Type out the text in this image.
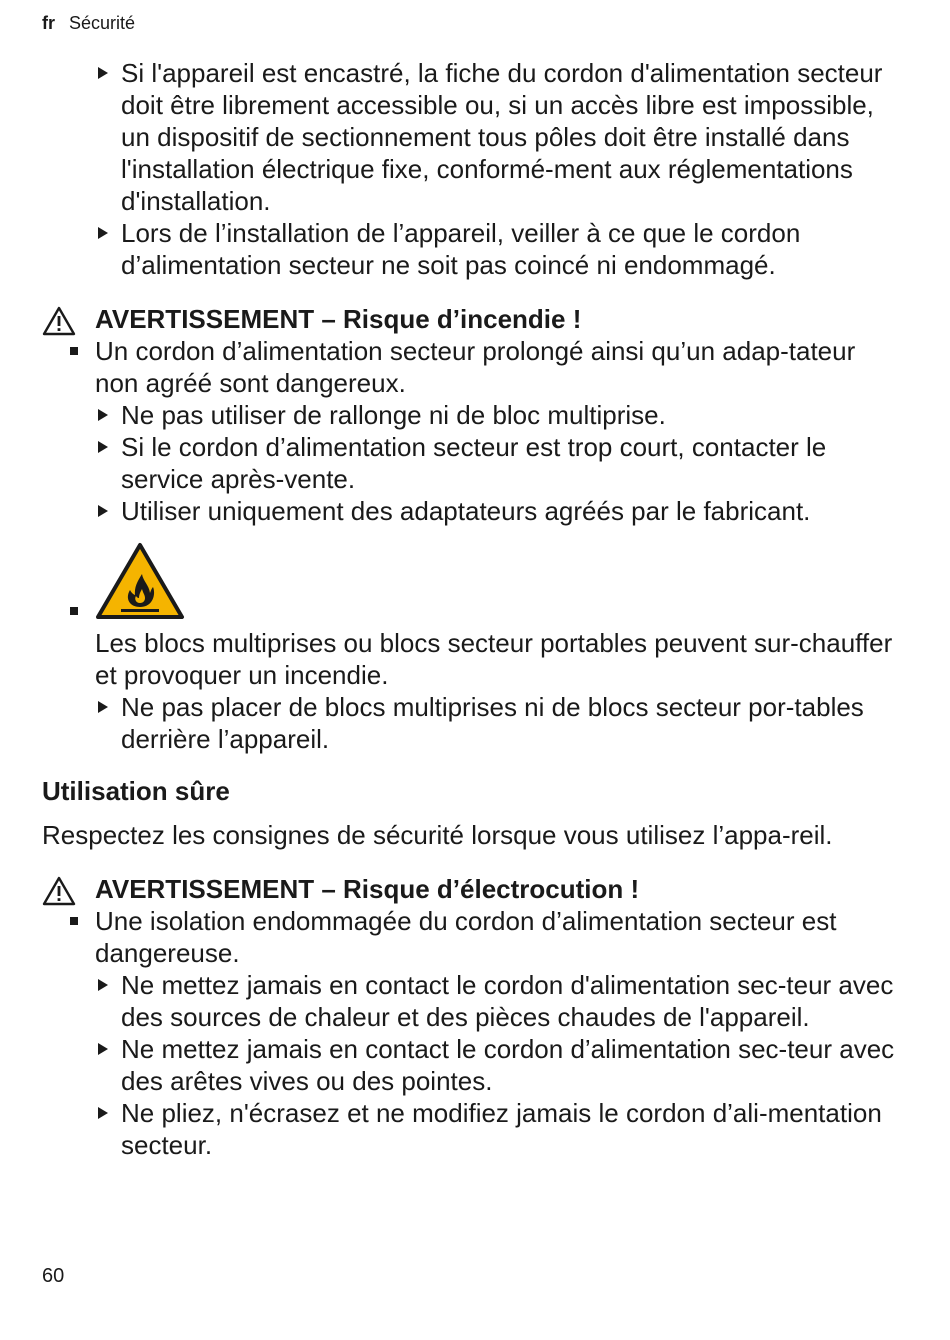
fr Sécurité
Si l'appareil est encastré, la fiche du cordon d'alimentation secteur doit être librement accessible ou, si un accès libre est impossible, un dispositif de sectionnement tous pôles doit être installé dans l'installation électrique fixe, conformé-ment aux réglementations d'installation.
Lors de l’installation de l’appareil, veiller à ce que le cordon d’alimentation secteur ne soit pas coincé ni endommagé.
AVERTISSEMENT – Risque d’incendie !
Un cordon d’alimentation secteur prolongé ainsi qu’un adap-tateur non agréé sont dangereux.
Ne pas utiliser de rallonge ni de bloc multiprise.
Si le cordon d’alimentation secteur est trop court, contacter le service après-vente.
Utiliser uniquement des adaptateurs agréés par le fabricant.
Les blocs multiprises ou blocs secteur portables peuvent sur-chauffer et provoquer un incendie.
Ne pas placer de blocs multiprises ni de blocs secteur por-tables derrière l’appareil.
Utilisation sûre
Respectez les consignes de sécurité lorsque vous utilisez l’appa-reil.
AVERTISSEMENT – Risque d’électrocution !
Une isolation endommagée du cordon d’alimentation secteur est dangereuse.
Ne mettez jamais en contact le cordon d'alimentation sec-teur avec des sources de chaleur et des pièces chaudes de l'appareil.
Ne mettez jamais en contact le cordon d’alimentation sec-teur avec des arêtes vives ou des pointes.
Ne pliez, n'écrasez et ne modifiez jamais le cordon d’ali-mentation secteur.
60
